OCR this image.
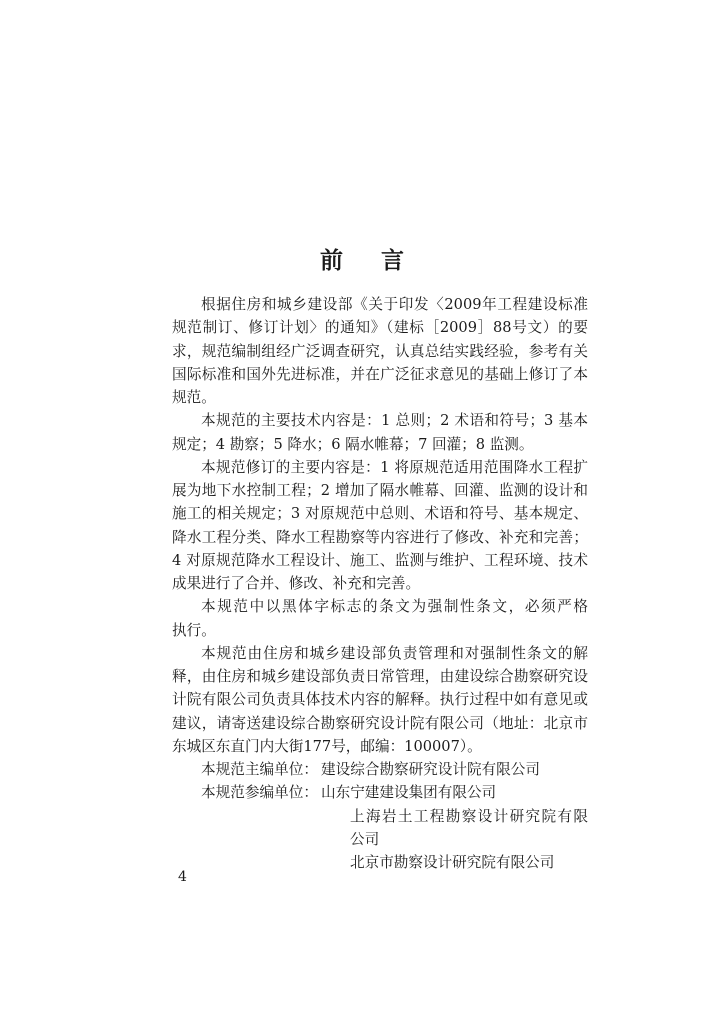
前言
根据住房和城乡建设部《关于印发〈2009年工程建设标准
规范制订、修订计划〉的通知》（建标［2009］88号文）的要
求，规范编制组经广泛调查研究，认真总结实践经验，参考有关
国际标准和国外先进标准，并在广泛征求意见的基础上修订了本
规范。
本规范的主要技术内容是：1 总则；2 术语和符号；3 基本
规定；4 勘察；5 降水；6 隔水帷幕；7 回灌；8 监测。
本规范修订的主要内容是：1 将原规范适用范围降水工程扩
展为地下水控制工程；2 增加了隔水帷幕、回灌、监测的设计和
施工的相关规定；3 对原规范中总则、术语和符号、基本规定、
降水工程分类、降水工程勘察等内容进行了修改、补充和完善；
4 对原规范降水工程设计、施工、监测与维护、工程环境、技术
成果进行了合并、修改、补充和完善。
本规范中以黑体字标志的条文为强制性条文，必须严格
执行。
本规范由住房和城乡建设部负责管理和对强制性条文的解
释，由住房和城乡建设部负责日常管理，由建设综合勘察研究设
计院有限公司负责具体技术内容的解释。执行过程中如有意见或
建议，请寄送建设综合勘察研究设计院有限公司（地址：北京市
东城区东直门内大街177号，邮编：100007）。
本规范主编单位： 建设综合勘察研究设计院有限公司
本规范参编单位： 山东宁建建设集团有限公司
上海岩土工程勘察设计研究院有限
公司
北京市勘察设计研究院有限公司
4
